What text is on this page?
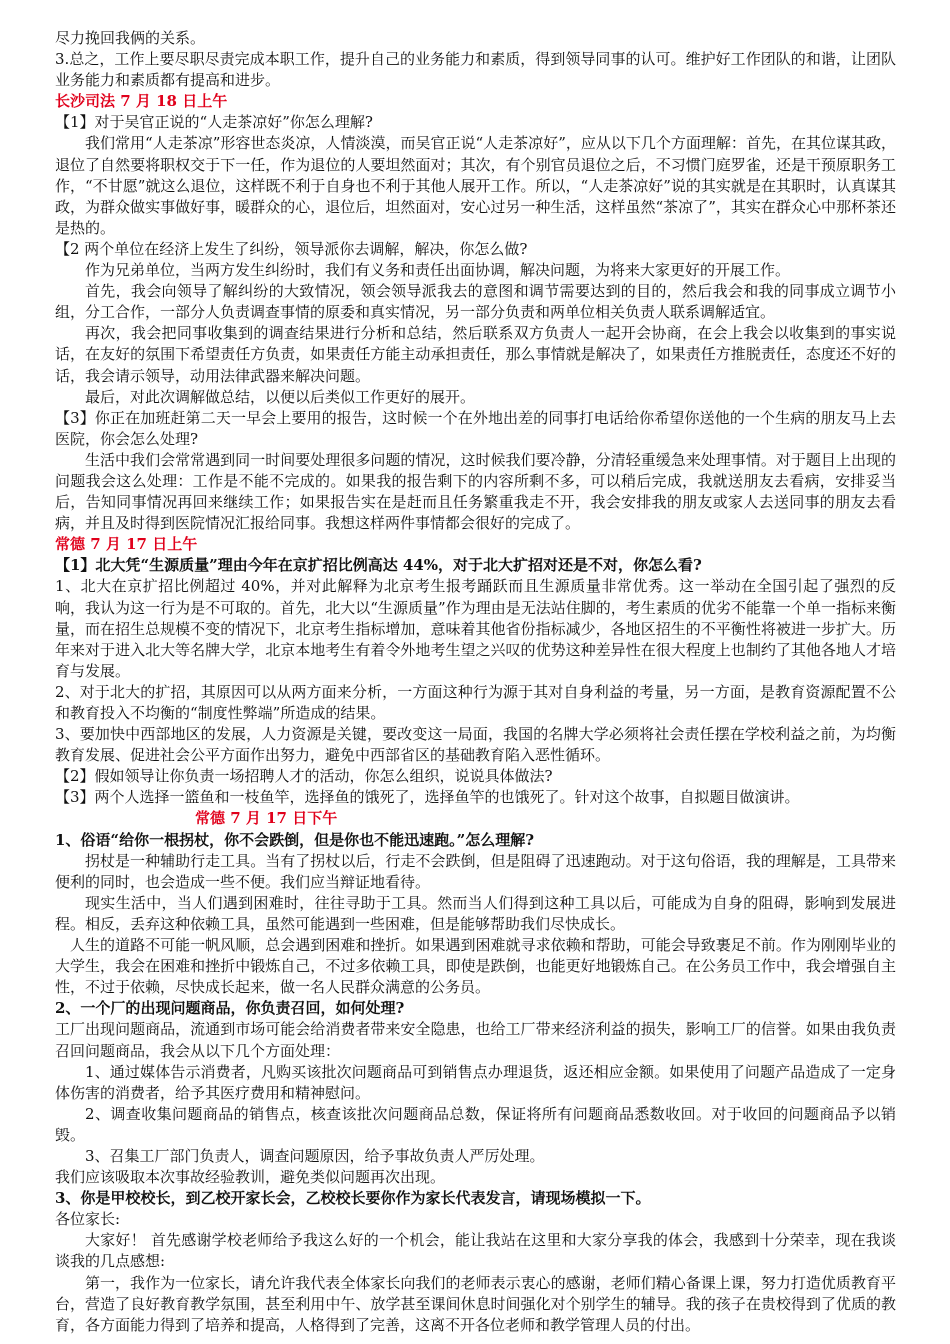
尽力挽回我俩的关系。

3.总之，工作上要尽职尽责完成本职工作，提升自己的业务能力和素质，得到领导同事的认可。维护好工作团队的和谐，让团队业务能力和素质都有提高和进步。

长沙司法 7 月 18 日上午

【1】对于吴官正说的“人走茶凉好”你怎么理解?

我们常用“人走茶凉”形容世态炎凉，人情淡漠，而吴官正说“人走茶凉好”，应从以下几个方面理解：首先，在其位谋其政，退位了自然要将职权交于下一任，作为退位的人要坦然面对；其次，有个别官员退位之后，不习惯门庭罗雀，还是干预原职务工作，“不甘愿”就这么退位，这样既不利于自身也不利于其他人展开工作。所以，“人走茶凉好”说的其实就是在其职时，认真谋其政，为群众做实事做好事，暖群众的心，退位后，坦然面对，安心过另一种生活，这样虽然“茶凉了”，其实在群众心中那杯茶还是热的。

【2 两个单位在经济上发生了纠纷，领导派你去调解，解决，你怎么做?

作为兄弟单位，当两方发生纠纷时，我们有义务和责任出面协调，解决问题，为将来大家更好的开展工作。

首先，我会向领导了解纠纷的大致情况，领会领导派我去的意图和调节需要达到的目的，然后我会和我的同事成立调节小组，分工合作，一部分人负责调查事情的原委和真实情况，另一部分负责和两单位相关负责人联系调解适宜。

再次，我会把同事收集到的调查结果进行分析和总结，然后联系双方负责人一起开会协商，在会上我会以收集到的事实说话，在友好的氛围下希望责任方负责，如果责任方能主动承担责任，那么事情就是解决了，如果责任方推脱责任，态度还不好的话，我会请示领导，动用法律武器来解决问题。

最后，对此次调解做总结，以便以后类似工作更好的展开。

【3】你正在加班赶第二天一早会上要用的报告，这时候一个在外地出差的同事打电话给你希望你送他的一个生病的朋友马上去医院，你会怎么处理?

生活中我们会常常遇到同一时间要处理很多问题的情况，这时候我们要冷静，分清轻重缓急来处理事情。对于题目上出现的问题我会这么处理：工作是不能不完成的。如果我的报告剩下的内容所剩不多，可以稍后完成，我就送朋友去看病，安排妥当后，告知同事情况再回来继续工作；如果报告实在是赶而且任务繁重我走不开，我会安排我的朋友或家人去送同事的朋友去看病，并且及时得到医院情况汇报给同事。我想这样两件事情都会很好的完成了。

常德 7 月 17 日上午

【1】北大凭“生源质量”理由今年在京扩招比例高达 44%，对于北大扩招对还是不对，你怎么看?

1、北大在京扩招比例超过 40%，并对此解释为北京考生报考踊跃而且生源质量非常优秀。这一举动在全国引起了强烈的反响，我认为这一行为是不可取的。首先，北大以“生源质量”作为理由是无法站住脚的，考生素质的优劣不能靠一个单一指标来衡量，而在招生总规模不变的情况下，北京考生指标增加，意味着其他省份指标减少，各地区招生的不平衡性将被进一步扩大。历年来对于进入北大等名牌大学，北京本地考生有着令外地考生望之兴叹的优势这种差异性在很大程度上也制约了其他各地人才培育与发展。

2、对于北大的扩招，其原因可以从两方面来分析，一方面这种行为源于其对自身利益的考量，另一方面，是教育资源配置不公和教育投入不均衡的“制度性弊端”所造成的结果。

3、要加快中西部地区的发展，人力资源是关键，要改变这一局面，我国的名牌大学必须将社会责任摆在学校利益之前，为均衡教育发展、促进社会公平方面作出努力，避免中西部省区的基础教育陷入恶性循环。

【2】假如领导让你负责一场招聘人才的活动，你怎么组织，说说具体做法?

【3】两个人选择一篮鱼和一枝鱼竿，选择鱼的饿死了，选择鱼竿的也饿死了。针对这个故事，自拟题目做演讲。

常德 7 月 17 日下午

1、俗语“给你一根拐杖，你不会跌倒，但是你也不能迅速跑。”怎么理解?

拐杖是一种辅助行走工具。当有了拐杖以后，行走不会跌倒，但是阻碍了迅速跑动。对于这句俗语，我的理解是，工具带来便利的同时，也会造成一些不便。我们应当辩证地看待。

现实生活中，当人们遇到困难时，往往寻助于工具。然而当人们得到这种工具以后，可能成为自身的阻碍，影响到发展进程。相反，丢弃这种依赖工具，虽然可能遇到一些困难，但是能够帮助我们尽快成长。

人生的道路不可能一帆风顺，总会遇到困难和挫折。如果遇到困难就寻求依赖和帮助，可能会导致裹足不前。作为刚刚毕业的大学生，我会在困难和挫折中锻炼自己，不过多依赖工具，即使是跌倒，也能更好地锻炼自己。在公务员工作中，我会增强自主性，不过于依赖，尽快成长起来，做一名人民群众满意的公务员。

2、一个厂的出现问题商品，你负责召回，如何处理?

工厂出现问题商品，流通到市场可能会给消费者带来安全隐患，也给工厂带来经济利益的损失，影响工厂的信誉。如果由我负责召回问题商品，我会从以下几个方面处理：

1、通过媒体告示消费者，凡购买该批次问题商品可到销售点办理退货，返还相应金额。如果使用了问题产品造成了一定身体伤害的消费者，给予其医疗费用和精神慰问。

2、调查收集问题商品的销售点，核查该批次问题商品总数，保证将所有问题商品悉数收回。对于收回的问题商品予以销毁。

3、召集工厂部门负责人，调查问题原因，给予事故负责人严厉处理。

我们应该吸取本次事故经验教训，避免类似问题再次出现。

3、你是甲校校长，到乙校开家长会，乙校校长要你作为家长代表发言，请现场模拟一下。

各位家长:

大家好！ 首先感谢学校老师给予我这么好的一个机会，能让我站在这里和大家分享我的体会，我感到十分荣幸，现在我谈谈我的几点感想:

第一，我作为一位家长，请允许我代表全体家长向我们的老师表示衷心的感谢，老师们精心备课上课，努力打造优质教育平台，营造了良好教育教学氛围，甚至利用中午、放学甚至课间休息时间强化对个别学生的辅导。我的孩子在贵校得到了优质的教育，各方面能力得到了培养和提高，人格得到了完善，这离不开各位老师和教学管理人员的付出。
